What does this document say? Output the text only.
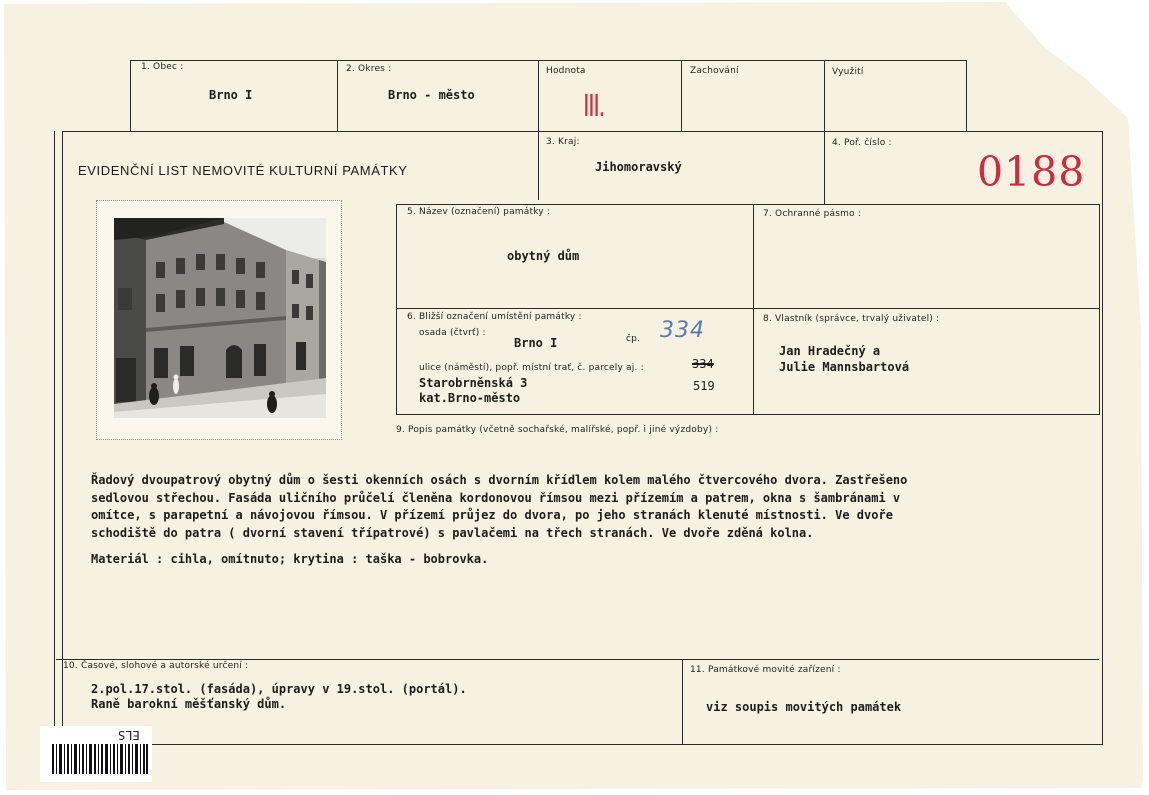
1. Obec :
Brno I
2. Okres :
Brno - město
Hodnota
III.
Zachování	Využití
EVIDENČNÍ LIST NEMOVITÉ KULTURNÍ PAMÁTKY
3. Kraj:
Jihomoravský
4. Poř. číslo :
0188
5. Název (označení) památky :
obytný dům
7. Ochranné pásmo :
6. Bližší označení umístění památky :
osada (čtvrť) :
Brno I	čp. 334
ulice (náměstí), popř. místní trať, č. parcely aj. :	334
Starobrněnská 3	519
kat.Brno-město
8. Vlastník (správce, trvalý uživatel) :
Jan Hradečný a
Julie Mannsbartová
9. Popis památky (včetně sochařské, malířské, popř. i jiné výzdoby) :

Řadový dvoupatrový obytný dům o šesti okenních osách s dvorním křídlem kolem malého čtvercového dvora. Zastřešeno

sedlovou střechou. Fasáda uličního průčelí členěna kordonovou římsou mezi přízemím a patrem, okna s šambránami v

omítce, s parapetní a návojovou římsou. V přízemí průjez do dvora, po jeho stranách klenuté místnosti. Ve dvoře

schodiště do patra ( dvorní stavení třípatrové) s pavlačemi na třech stranách. Ve dvoře zděná kolna.

Materiál : cihla, omítnuto; krytina : taška - bobrovka.

10. Časové, slohové a autorské určení :
2.pol.17.stol. (fasáda), úpravy v 19.stol. (portál).
Raně barokní měšťanský dům.
11. Památkové movité zařízení :
viz soupis movitých památek
ELS
